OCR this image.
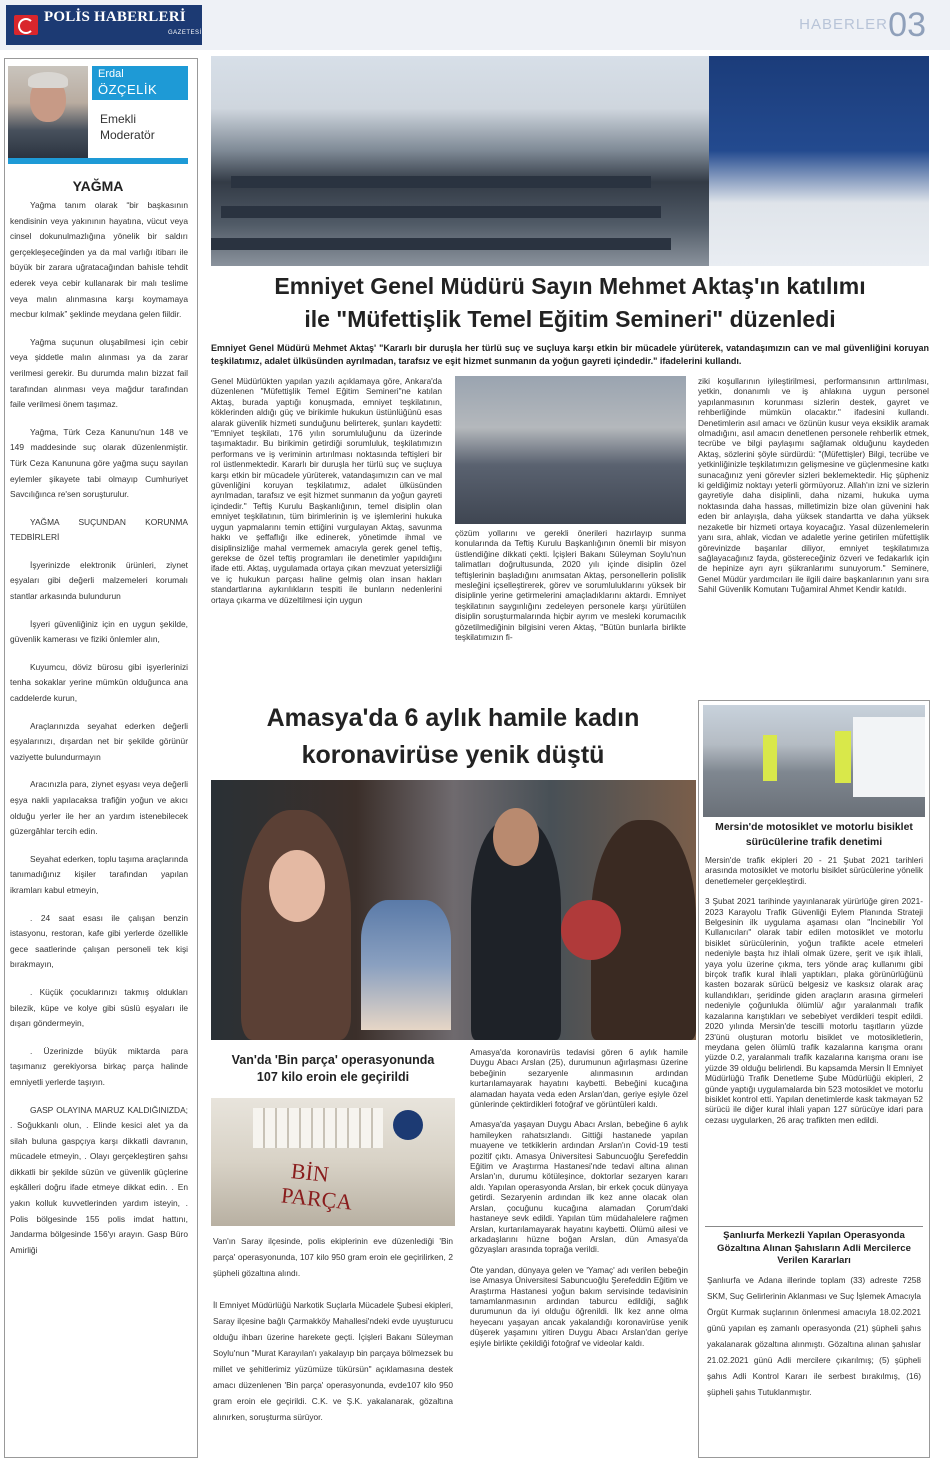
POLİS HABERLERİ
GAZETESİ	HABERLER 03
Erdal
ÖZÇELİK
Emekli
Moderatör
YAĞMA

Yağma tanım olarak “bir başkasının kendisinin veya yakınının hayatına, vücut veya cinsel dokunulmazlığına yönelik bir saldırı gerçekleşeceğinden ya da mal varlığı itibarı ile büyük bir zarara uğratacağından bahisle tehdit ederek veya cebir kullanarak bir malı teslime veya malın alınmasına karşı koymamaya mecbur kılmak” şeklinde meydana gelen fiildir.

Yağma suçunun oluşabilmesi için cebir veya şiddetle malın alınması ya da zarar verilmesi gerekir. Bu durumda malın bizzat fail tarafından alınması veya mağdur tarafından faile verilmesi önem taşımaz.

Yağma, Türk Ceza Kanunu'nun 148 ve 149 maddesinde suç olarak düzenlenmiştir. Türk Ceza Kanununa göre yağma suçu sayılan eylemler şikayete tabi olmayıp Cumhuriyet Savcılığınca re'sen soruşturulur.

YAĞMA SUÇUNDAN KORUNMA TEDBİRLERİ

İşyerinizde elektronik ürünleri, ziynet eşyaları gibi değerli malzemeleri korumalı stantlar arkasında bulundurun

İşyeri güvenliğiniz için en uygun şekilde, güvenlik kamerası ve fiziki önlemler alın,

Kuyumcu, döviz bürosu gibi işyerlerinizi tenha sokaklar yerine mümkün olduğunca ana caddelerde kurun,

Araçlarınızda seyahat ederken değerli eşyalarınızı, dışardan net bir şekilde görünür vaziyette bulundurmayın

Aracınızla para, ziynet eşyası veya değerli eşya nakli yapılacaksa trafiğin yoğun ve akıcı olduğu yerler ile her an yardım istenebilecek güzergâhlar tercih edin.

Seyahat ederken, toplu taşıma araçlarında tanımadığınız kişiler tarafından yapılan ikramları kabul etmeyin,

. 24 saat esası ile çalışan benzin istasyonu, restoran, kafe gibi yerlerde özellikle gece saatlerinde çalışan personeli tek kişi bırakmayın,

. Küçük çocuklarınızı takmış oldukları bilezik, küpe ve kolye gibi süslü eşyaları ile dışarı göndermeyin,

. Üzerinizde büyük miktarda para taşımanız gerekiyorsa birkaç parça halinde emniyetli yerlerde taşıyın.

GASP OLAYINA MARUZ KALDIĞINIZDA; . Soğukkanlı olun, . Elinde kesici alet ya da silah buluna gaspçıya karşı dikkatli davranın, mücadele etmeyin, . Olayı gerçekleştiren şahsı dikkatli bir şekilde süzün ve güvenlik güçlerine eşkâlleri doğru ifade etmeye dikkat edin. . En yakın kolluk kuvvetlerinden yardım isteyin, . Polis bölgesinde 155 polis imdat hattını, Jandarma bölgesinde 156'yı arayın. Gasp Büro Amirliği

Emniyet Genel Müdürü Sayın Mehmet Aktaş'ın katılımı
ile "Müfettişlik Temel Eğitim Semineri" düzenledi
Emniyet Genel Müdürü Mehmet Aktaş' "Kararlı bir duruşla her türlü suç ve suçluya karşı etkin bir mücadele yürüterek, vatandaşımızın can ve mal güvenliğini koruyan teşkilatımız, adalet ülküsünden ayrılmadan, tarafsız ve eşit hizmet sunmanın da yoğun gayreti içindedir." ifadelerini kullandı.
Genel Müdürlükten yapılan yazılı açıklamaya göre, Ankara'da düzenlenen "Müfettişlik Temel Eğitim Semineri"ne katılan Aktaş, burada yaptığı konuşmada, emniyet teşkilatının, köklerinden aldığı güç ve birikimle hukukun üstünlüğünü esas alarak güvenlik hizmeti sunduğunu belirterek, şunları kaydetti: "Emniyet teşkilatı, 176 yılın sorumluluğunu da üzerinde taşımaktadır. Bu birikimin getirdiği sorumluluk, teşkilatımızın performans ve iş veriminin artırılması noktasında teftişleri bir rol üstlenmektedir. Kararlı bir duruşla her türlü suç ve suçluya karşı etkin bir mücadele yürüterek, vatandaşımızın can ve mal güvenliğini koruyan teşkilatımız, adalet ülküsünden ayrılmadan, tarafsız ve eşit hizmet sunmanın da yoğun gayreti içindedir." Teftiş Kurulu Başkanlığının, temel disiplin olan emniyet teşkilatının, tüm birimlerinin iş ve işlemlerini hukuka uygun yapmalarını temin ettiğini vurgulayan Aktaş, savunma hakkı ve şeffaflığı ilke edinerek, yönetimde ihmal ve disiplinsizliğe mahal vermemek amacıyla gerek genel teftiş, gerekse de özel teftiş programları ile denetimler yapıldığını ifade etti. Aktaş, uygulamada ortaya çıkan mevzuat yetersizliği ve iç hukukun parçası haline gelmiş olan insan hakları standartlarına aykırılıkların tespiti ile bunların nedenlerini ortaya çıkarma ve düzeltilmesi için uygun
çözüm yollarını ve gerekli önerileri hazırlayıp sunma konularında da Teftiş Kurulu Başkanlığının önemli bir misyon üstlendiğine dikkati çekti. İçişleri Bakanı Süleyman Soylu'nun talimatları doğrultusunda, 2020 yılı içinde disiplin özel teftişlerinin başladığını anımsatan Aktaş, personellerin polislik mesleğini içselleştirerek, görev ve sorumluluklarını yüksek bir disiplinle yerine getirmelerini amaçladıklarını aktardı. Emniyet teşkilatının saygınlığını zedeleyen personele karşı yürütülen disiplin soruşturmalarında hiçbir ayrım ve mesleki korumacılık gözetilmediğinin bilgisini veren Aktaş, "Bütün bunlarla birlikte teşkilatımızın fi-
ziki koşullarının iyileştirilmesi, performansının arttırılması, yetkin, donanımlı ve iş ahlakına uygun personel yapılanmasının korunması sizlerin destek, gayret ve rehberliğinde mümkün olacaktır." ifadesini kullandı. Denetimlerin asıl amacı ve özünün kusur veya eksiklik aramak olmadığını, asıl amacın denetlenen personele rehberlik etmek, tecrübe ve bilgi paylaşımı sağlamak olduğunu kaydeden Aktaş, sözlerini şöyle sürdürdü: "(Müfettişler) Bilgi, tecrübe ve yetkinliğinizle teşkilatımızın gelişmesine ve güçlenmesine katkı sunacağınız yeni görevler sizleri beklemektedir. Hiç şüpheniz ki geldiğimiz noktayı yeterli görmüyoruz. Allah'ın izni ve sizlerin gayretiyle daha disiplinli, daha nizami, hukuka uyma noktasında daha hassas, milletimizin bize olan güvenini hak eden bir anlayışla, daha yüksek standartta ve daha yüksek nezaketle bir hizmeti ortaya koyacağız. Yasal düzenlemelerin yanı sıra, ahlak, vicdan ve adaletle yerine getirilen müfettişlik görevinizde başarılar diliyor, emniyet teşkilatımıza sağlayacağınız fayda, göstereceğiniz özveri ve fedakarlık için de hepinize ayrı ayrı şükranlarımı sunuyorum." Seminere, Genel Müdür yardımcıları ile ilgili daire başkanlarının yanı sıra Sahil Güvenlik Komutanı Tuğamiral Ahmet Kendir katıldı.
Amasya'da 6 aylık hamile kadın
koronavirüse yenik düştü

Amasya'da koronavirüs tedavisi gören 6 aylık hamile Duygu Abacı Arslan (25), durumunun ağırlaşması üzerine bebeğinin sezaryenle alınmasının ardından kurtarılamayarak hayatını kaybetti. Bebeğini kucağına alamadan hayata veda eden Arslan'dan, geriye eşiyle özel günlerinde çektirdikleri fotoğraf ve görüntüleri kaldı.

Amasya'da yaşayan Duygu Abacı Arslan, bebeğine 6 aylık hamileyken rahatsızlandı. Gittiği hastanede yapılan muayene ve tetkiklerin ardından Arslan'ın Covid-19 testi pozitif çıktı. Amasya Üniversitesi Sabuncuoğlu Şerefeddin Eğitim ve Araştırma Hastanesi'nde tedavi altına alınan Arslan'ın, durumu kötüleşince, doktorlar sezaryen kararı aldı. Yapılan operasyonda Arslan, bir erkek çocuk dünyaya getirdi. Sezaryenin ardından ilk kez anne olacak olan Arslan, çocuğunu kucağına alamadan Çorum'daki hastaneye sevk edildi. Yapılan tüm müdahalelere rağmen Arslan, kurtarılamayarak hayatını kaybetti. Ölümü ailesi ve arkadaşlarını hüzne boğan Arslan, dün Amasya'da gözyaşları arasında toprağa verildi.

Öte yandan, dünyaya gelen ve 'Yamaç' adı verilen bebeğin ise Amasya Üniversitesi Sabuncuoğlu Şerefeddin Eğitim ve Araştırma Hastanesi yoğun bakım servisinde tedavisinin tamamlanmasının ardından taburcu edildiği, sağlık durumunun da iyi olduğu öğrenildi. İlk kez anne olma heyecanı yaşayan ancak yakalandığı koronavirüse yenik düşerek yaşamını yitiren Duygu Abacı Arslan'dan geriye eşiyle birlikte çekildiği fotoğraf ve videolar kaldı.

Van'da 'Bin parça' operasyonunda
107 kilo eroin ele geçirildi
BİN
PARÇA

Van'ın Saray ilçesinde, polis ekiplerinin eve düzenlediği 'Bin parça' operasyonunda, 107 kilo 950 gram eroin ele geçirilirken, 2 şüpheli gözaltına alındı.

İl Emniyet Müdürlüğü Narkotik Suçlarla Mücadele Şubesi ekipleri, Saray ilçesine bağlı Çarmakköy Mahallesi'ndeki evde uyuşturucu olduğu ihbarı üzerine harekete geçti. İçişleri Bakanı Süleyman Soylu'nun "Murat Karayılan'ı yakalayıp bin parçaya bölmezsek bu millet ve şehitlerimiz yüzümüze tükürsün" açıklamasına destek amacı düzenlenen 'Bin parça' operasyonunda, evde107 kilo 950 gram eroin ele geçirildi. C.K. ve Ş.K. yakalanarak, gözaltına alınırken, soruşturma sürüyor.

Mersin'de motosiklet ve motorlu bisiklet sürücülerine trafik denetimi

Mersin'de trafik ekipleri 20 - 21 Şubat 2021 tarihleri arasında motosiklet ve motorlu bisiklet sürücülerine yönelik denetlemeler gerçekleştirdi.

3 Şubat 2021 tarihinde yayınlanarak yürürlüğe giren 2021-2023 Karayolu Trafik Güvenliği Eylem Planında Strateji Belgesinin ilk uygulama aşaması olan "İncinebilir Yol Kullanıcıları" olarak tabir edilen motosiklet ve motorlu bisiklet sürücülerinin, yoğun trafikte acele etmeleri nedeniyle başta hız ihlali olmak üzere, şerit ve ışık ihlali, yaya yolu üzerine çıkma, ters yönde araç kullanımı gibi birçok trafik kural ihlali yaptıkları, plaka görünürlüğünü kasten bozarak sürücü belgesiz ve kasksız olarak araç kullandıkları, şeridinde giden araçların arasına girmeleri nedeniyle çoğunlukla ölümlü/ ağır yaralanmalı trafik kazalarına karıştıkları ve sebebiyet verdikleri tespit edildi. 2020 yılında Mersin'de tescilli motorlu taşıtların yüzde 23'ünü oluşturan motorlu bisiklet ve motosikletlerin, meydana gelen ölümlü trafik kazalarına karışma oranı yüzde 0.2, yaralanmalı trafik kazalarına karışma oranı ise yüzde 39 olduğu belirlendi. Bu kapsamda Mersin İl Emniyet Müdürlüğü Trafik Denetleme Şube Müdürlüğü ekipleri, 2 günde yaptığı uygulamalarda bin 523 motosiklet ve motorlu bisiklet kontrol etti. Yapılan denetimlerde kask takmayan 52 sürücü ile diğer kural ihlali yapan 127 sürücüye idari para cezası uygularken, 26 araç trafikten men edildi.

Şanlıurfa Merkezli Yapılan Operasyonda Gözaltına Alınan Şahısların Adli Mercilerce Verilen Kararları
Şanlıurfa ve Adana illerinde toplam (33) adreste 7258 SKM, Suç Gelirlerinin Aklanması ve Suç İşlemek Amacıyla Örgüt Kurmak suçlarının önlenmesi amacıyla 18.02.2021 günü yapılan eş zamanlı operasyonda (21) şüpheli şahıs yakalanarak gözaltına alınmıştı. Gözaltına alınan şahıslar 21.02.2021 günü Adli mercilere çıkarılmış; (5) şüpheli şahıs Adli Kontrol Kararı ile serbest bırakılmış, (16) şüpheli şahıs Tutuklanmıştır.
